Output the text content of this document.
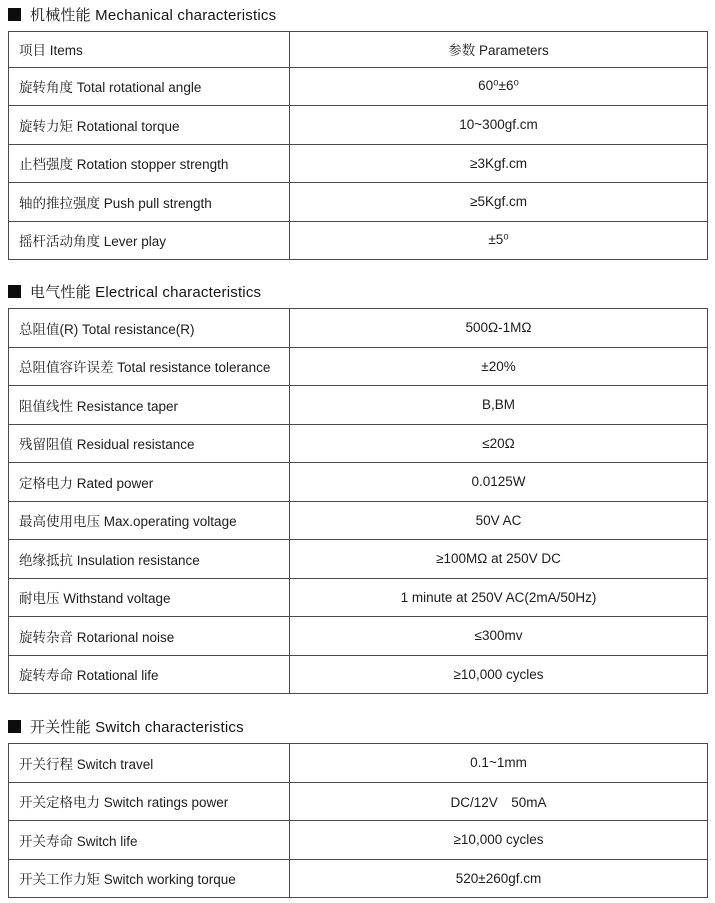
机械性能 Mechanical characteristics
项目 Items	参数 Parameters
旋转角度 Total rotational angle	60⁰±6⁰
旋转力矩 Rotational torque	10~300gf.cm
止档强度 Rotation stopper strength	≥3Kgf.cm
轴的推拉强度 Push pull strength	≥5Kgf.cm
摇杆活动角度 Lever play	±5⁰
电气性能 Electrical characteristics
总阻值(R) Total resistance(R)	500Ω-1MΩ
总阻值容许误差 Total resistance tolerance	±20%
阻值线性 Resistance taper	B,BM
残留阻值 Residual resistance	≤20Ω
定格电力 Rated power	0.0125W
最高使用电压 Max.operating voltage	50V AC
绝缘抵抗 Insulation resistance	≥100MΩ at 250V DC
耐电压 Withstand voltage	1 minute at 250V AC(2mA/50Hz)
旋转杂音 Rotarional noise	≤300mv
旋转寿命 Rotational life	≥10,000 cycles
开关性能 Switch characteristics
开关行程 Switch travel	0.1~1mm
开关定格电力 Switch ratings power	DC/12V　50mA
开关寿命 Switch life	≥10,000 cycles
开关工作力矩 Switch working torque	520±260gf.cm
